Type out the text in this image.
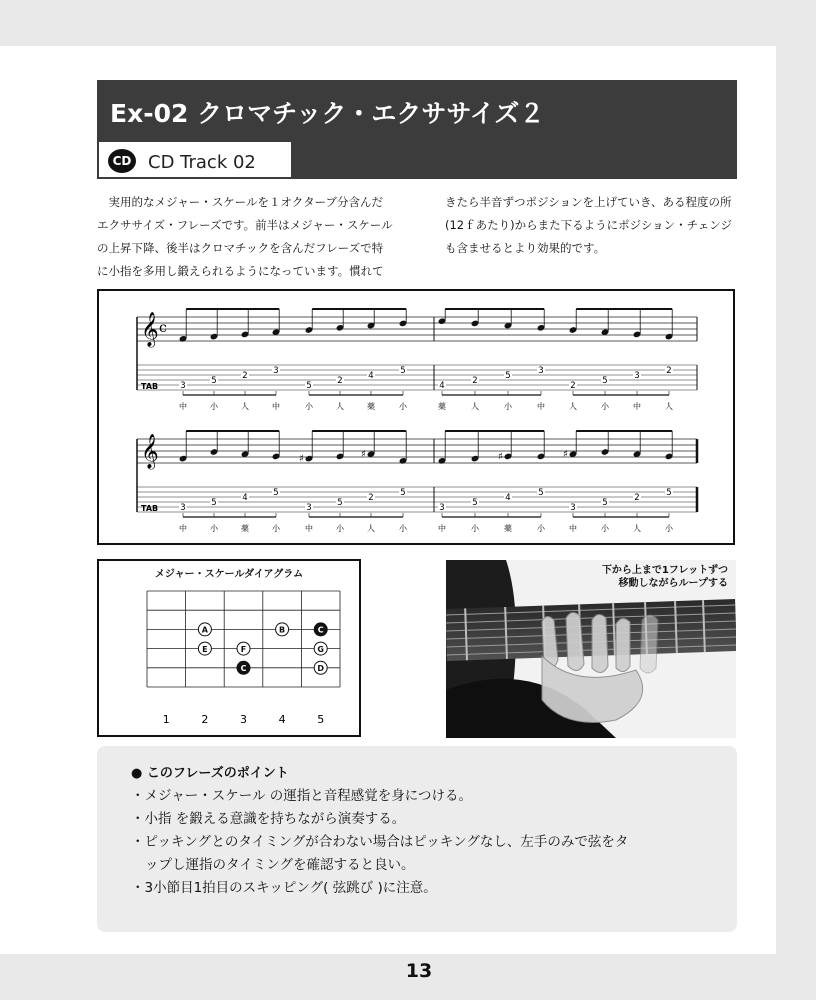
13
Ex-02 クロマチック・エクササイズ２
CD CD Track 02

　実用的なメジャー・スケールを１オクターブ分含んだ

エクササイズ・フレーズです。前半はメジャー・スケール

の上昇下降、後半はクロマチックを含んだフレーズで特

に小指を多用し鍛えられるようになっています。慣れて

きたら半音ずつポジションを上げていき、ある程度の所

(12ｆあたり)からまた下るようにポジション・チェンジ

も含ませるとより効果的です。

𝄞 c
TAB	3
中
5
小
2
人
3
中
5
小
2
人
4
薬
5
小
4
薬
2
人
5
小
3
中
2
人
5
小
3
中
2
人
𝄞
TAB	3
中
5
小
4
薬
5
小
♯
3
中
5
小
♯
2
人
5
小
3
中
5
小
♯
4
薬
5
小
♯
3
中
5
小
2
人
5
小
メジャー・スケールダイアグラム
A	B	C
E	F	G
C	D
1	2	3	4	5

下から上まで1フレットずつ

移動しながらループする

● このフレーズのポイント

・メジャー・スケール の運指と音程感覚を身につける。

・小指 を鍛える意識を持ちながら演奏する。

・ピッキングとのタイミングが合わない場合はピッキングなし、左手のみで弦をタ

ップし運指のタイミングを確認すると良い。

・3小節目1拍目のスキッピング( 弦跳び )に注意。
